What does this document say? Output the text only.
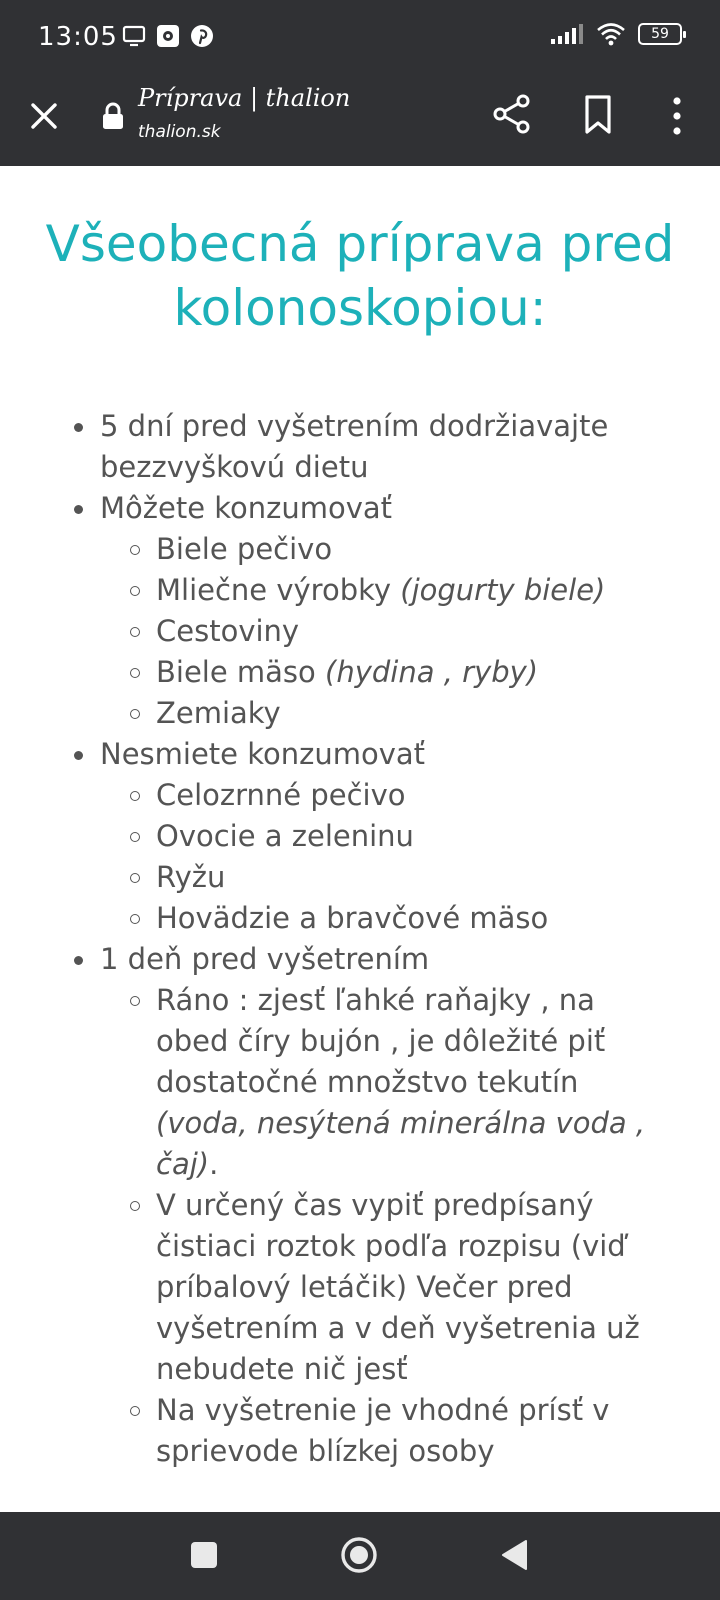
13:05	59
Príprava | thalion
thalion.sk
Všeobecná príprava pred kolonoskopiou:
5 dní pred vyšetrením dodržiavajte bezzvyškovú dietu
Môžete konzumovať
Biele pečivo
Mliečne výrobky (jogurty biele)
Cestoviny
Biele mäso (hydina , ryby)
Zemiaky
Nesmiete konzumovať
Celozrnné pečivo
Ovocie a zeleninu
Ryžu
Hovädzie a bravčové mäso
1 deň pred vyšetrením
Ráno : zjesť ľahké raňajky , na obed číry bujón , je dôležité piť dostatočné množstvo tekutín (voda, nesýtená minerálna voda , čaj).
V určený čas vypiť predpísaný čistiaci roztok podľa rozpisu (viď príbalový letáčik) Večer pred vyšetrením a v deň vyšetrenia už nebudete nič jesť
Na vyšetrenie je vhodné prísť v sprievode blízkej osoby
